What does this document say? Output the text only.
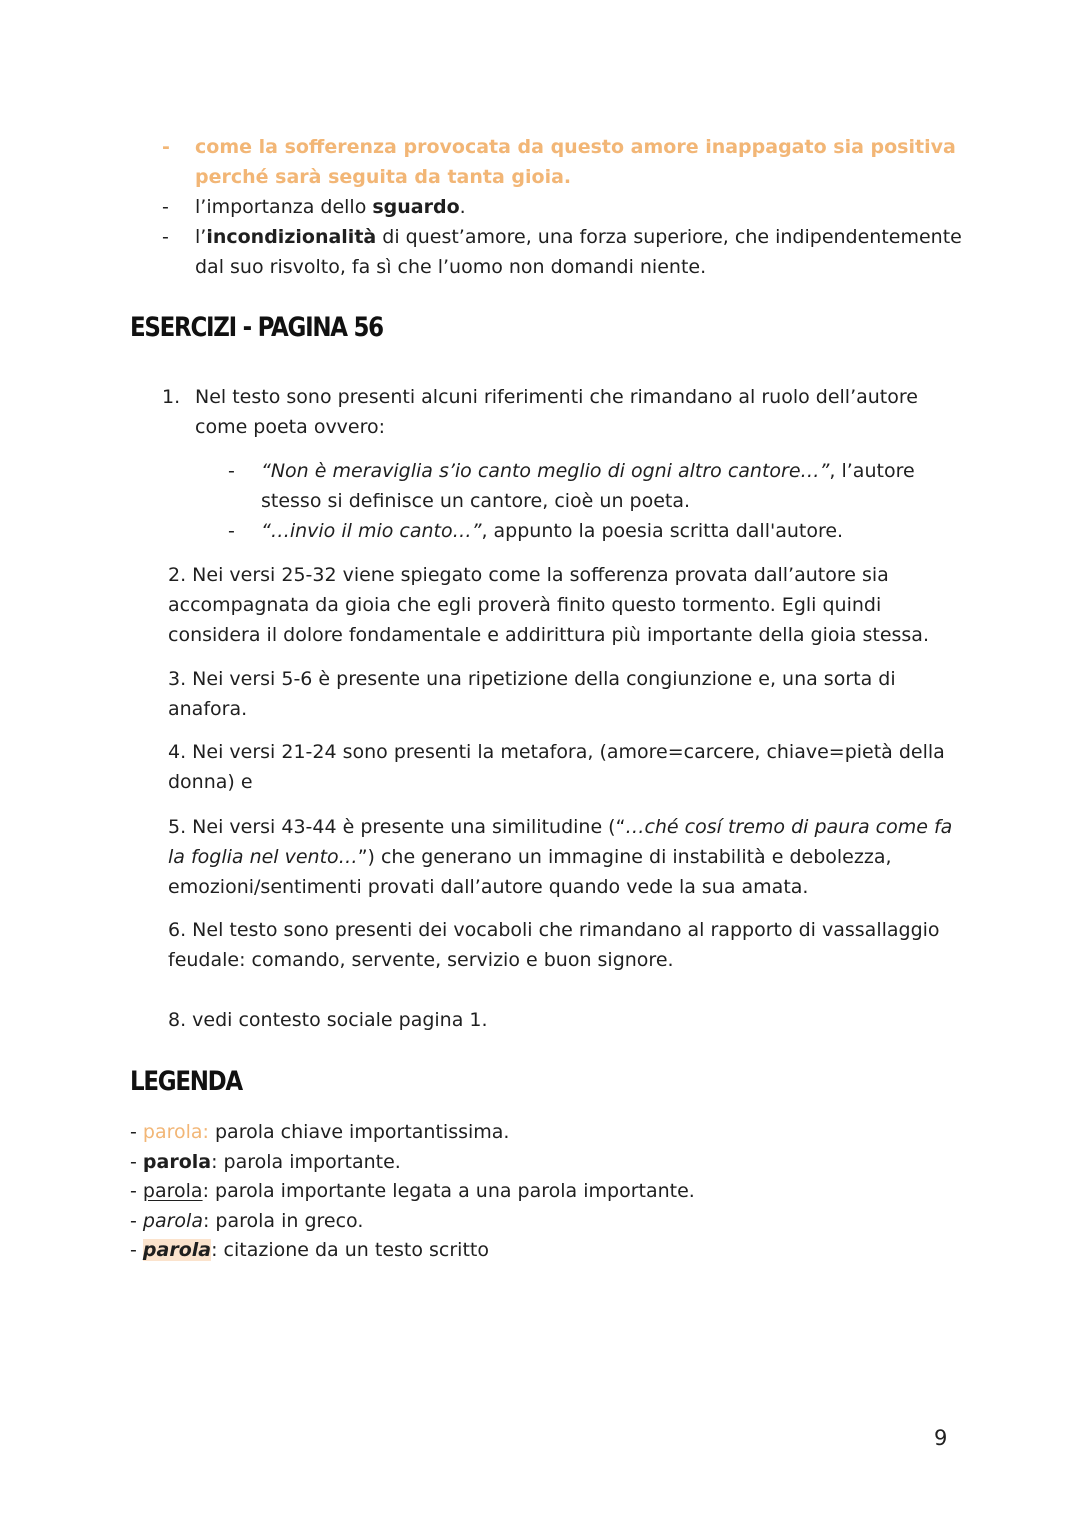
-	come la sofferenza provocata da questo amore inappagato sia positiva perché sarà seguita da tanta gioia.
-	l’importanza dello sguardo.
-	l’incondizionalità di quest’amore, una forza superiore, che indipendentemente dal suo risvolto, fa sì che l’uomo non domandi niente.
ESERCIZI - PAGINA 56
1. Nel testo sono presenti alcuni riferimenti che rimandano al ruolo dell’autore come poeta ovvero:
-	“Non è meraviglia s’io canto meglio di ogni altro cantore…”, l’autore stesso si definisce un cantore, cioè un poeta.
-	“…invio il mio canto…”, appunto la poesia scritta dall'autore.
2. Nei versi 25-32 viene spiegato come la sofferenza provata dall’autore sia accompagnata da gioia che egli proverà finito questo tormento. Egli quindi considera il dolore fondamentale e addirittura più importante della gioia stessa.
3. Nei versi 5-6 è presente una ripetizione della congiunzione e, una sorta di anafora.
4. Nei versi 21-24 sono presenti la metafora, (amore=carcere, chiave=pietà della donna) e
5. Nei versi 43-44 è presente una similitudine (“…ché cosí tremo di paura come fa la foglia nel vento…”) che generano un immagine di instabilità e debolezza, emozioni/sentimenti provati dall’autore quando vede la sua amata.
6. Nel testo sono presenti dei vocaboli che rimandano al rapporto di vassallaggio feudale: comando, servente, servizio e buon signore.
8. vedi contesto sociale pagina 1.
LEGENDA
- parola: parola chiave importantissima.
- parola: parola importante.
- parola: parola importante legata a una parola importante.
- parola: parola in greco.
- parola: citazione da un testo scritto
9
